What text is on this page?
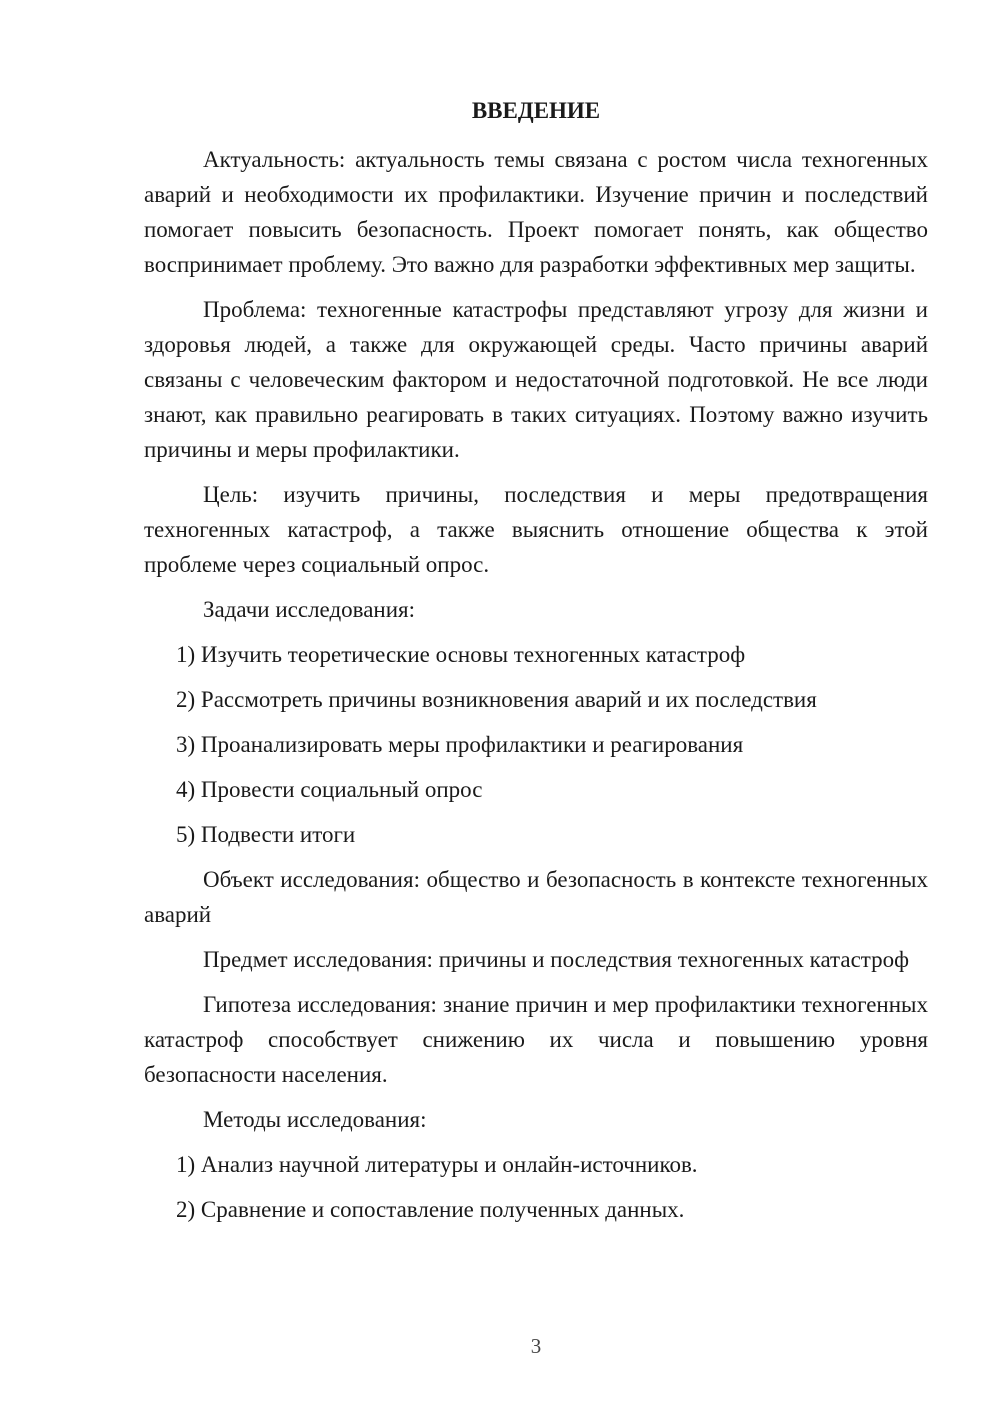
ВВЕДЕНИЕ

Актуальность: актуальность темы связана с ростом числа техногенных аварий и необходимости их профилактики. Изучение причин и последствий помогает повысить безопасность. Проект помогает понять, как общество воспринимает проблему. Это важно для разработки эффективных мер защиты.

Проблема: техногенные катастрофы представляют угрозу для жизни и здоровья людей, а также для окружающей среды. Часто причины аварий связаны с человеческим фактором и недостаточной подготовкой. Не все люди знают, как правильно реагировать в таких ситуациях. Поэтому важно изучить причины и меры профилактики.

Цель: изучить причины, последствия и меры предотвращения техногенных катастроф, а также выяснить отношение общества к этой проблеме через социальный опрос.

Задачи исследования:

1) Изучить теоретические основы техногенных катастроф

2) Рассмотреть причины возникновения аварий и их последствия

3) Проанализировать меры профилактики и реагирования

4) Провести социальный опрос

5) Подвести итоги

Объект исследования: общество и безопасность в контексте техногенных аварий

Предмет исследования: причины и последствия техногенных катастроф

Гипотеза исследования: знание причин и мер профилактики техногенных катастроф способствует снижению их числа и повышению уровня безопасности населения.

Методы исследования:

1) Анализ научной литературы и онлайн-источников.

2) Сравнение и сопоставление полученных данных.

3
